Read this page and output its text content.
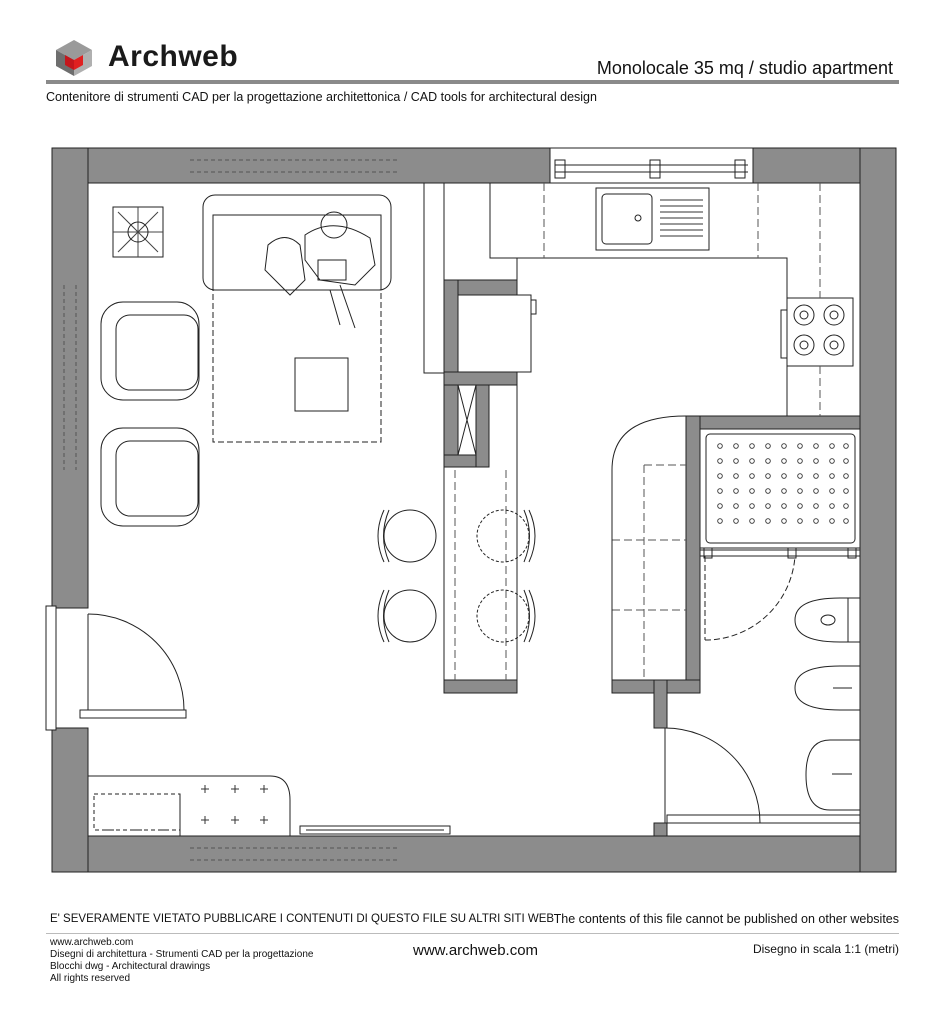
Archweb	Monolocale 35 mq / studio apartment
Contenitore di strumenti CAD per la progettazione architettonica / CAD tools for architectural design
E' SEVERAMENTE VIETATO PUBBLICARE I CONTENUTI DI QUESTO FILE SU ALTRI SITI WEB The contents of this file cannot be published on other websites
www.archweb.com
Disegni di architettura - Strumenti CAD per la progettazione
Blocchi dwg - Architectural drawings
All rights reserved
www.archweb.com	Disegno in scala 1:1 (metri)
